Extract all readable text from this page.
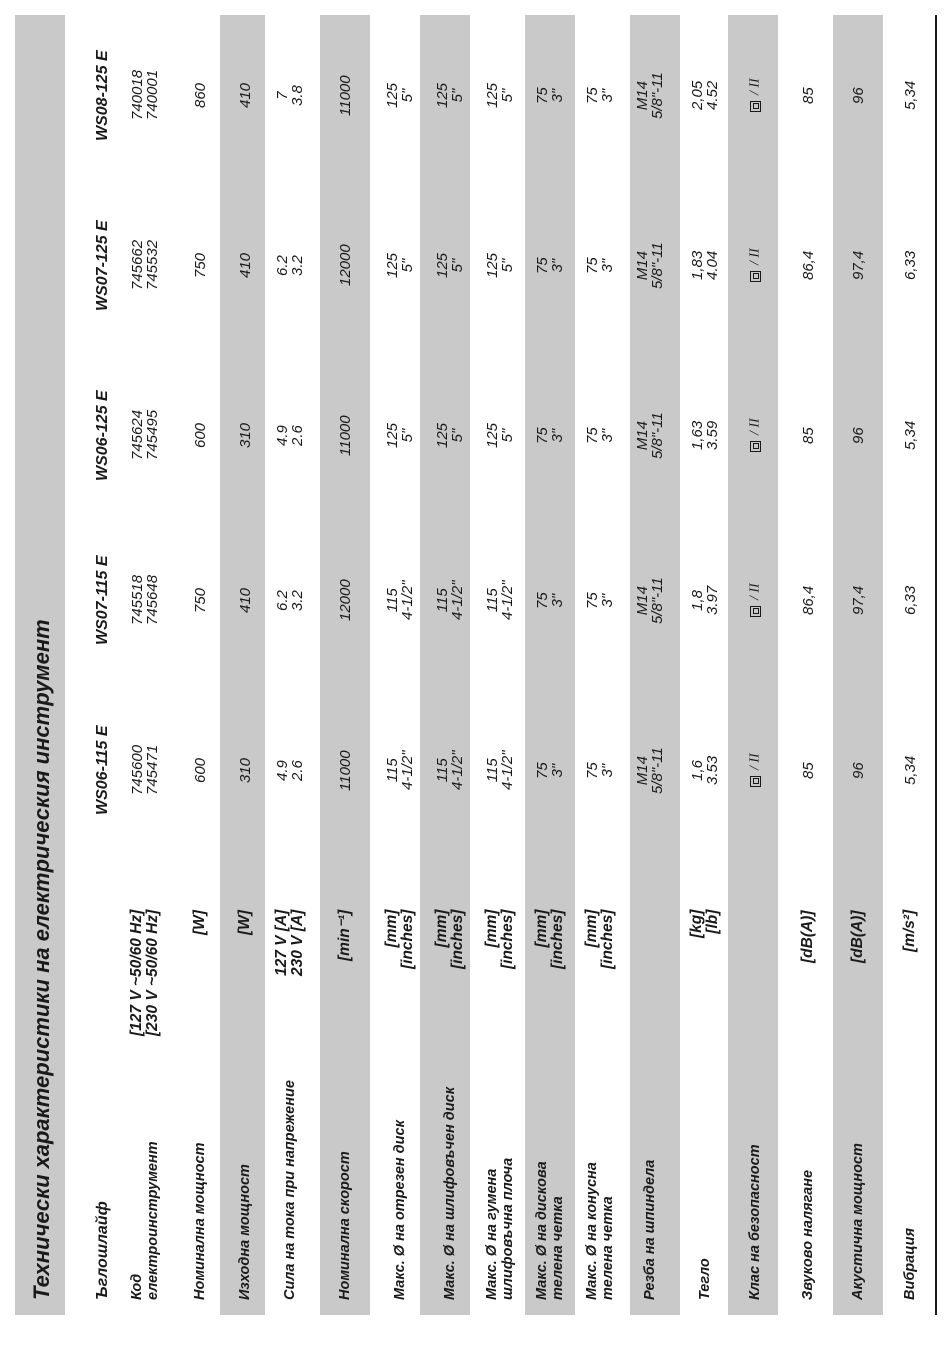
Технически характеристики на електрическия инструмент	Ъглошлайф
WS06-115 E
WS07-115 E
WS06-125 E
WS07-125 E
WS08-125 E
Код електроинструмент
[127 V ~50/60 Hz] [230 V ~50/60 Hz]
745600
745471
745518
745648
745624
745495
745662
745532
740018
740001
Номинална мощност
[W]
600
750
600
750
860
Изходна мощност
[W]
310
410
310
410
410
Сила на тока при напрежение
127 V [A] 230 V [A]
4.9
2.6
6.2
3.2
4.9
2.6
6.2
3.2
7
3.8
Номинална скорост
[min⁻¹]
11000
12000
11000
12000
11000
Макс. Ø на отрезен диск
[mm] [inches]
115
4-1/2"
115
4-1/2"
125
5"
125
5"
125
5"
Макс. Ø на шлифовъчен диск
[mm] [inches]
115
4-1/2"
115
4-1/2"
125
5"
125
5"
125
5"
Макс. Ø на гумена шлифовъчна плоча
[mm] [inches]
115
4-1/2"
115
4-1/2"
125
5"
125
5"
125
5"
Макс. Ø на дискова телена четка
[mm] [inches]
75
3"
75
3"
75
3"
75
3"
75
3"
Макс. Ø на конусна телена четка
[mm] [inches]
75
3"
75
3"
75
3"
75
3"
75
3"
Резба на шпиндела
M14
5/8"-11
M14
5/8"-11
M14
5/8"-11
M14
5/8"-11
M14
5/8"-11
Тегло
[kg] [lb]
1,6
3.53
1,8
3.97
1,63
3.59
1,83
4.04
2,05
4.52
Клас на безопасност
/ II
/ II
/ II
/ II
/ II
Звуково налягане
[dB(A)]
85
86,4
85
86,4
85
Акустична мощност
[dB(A)]
96
97,4
96
97,4
96
Вибрация
[m/s²]
5,34
6,33
5,34
6,33
5,34
